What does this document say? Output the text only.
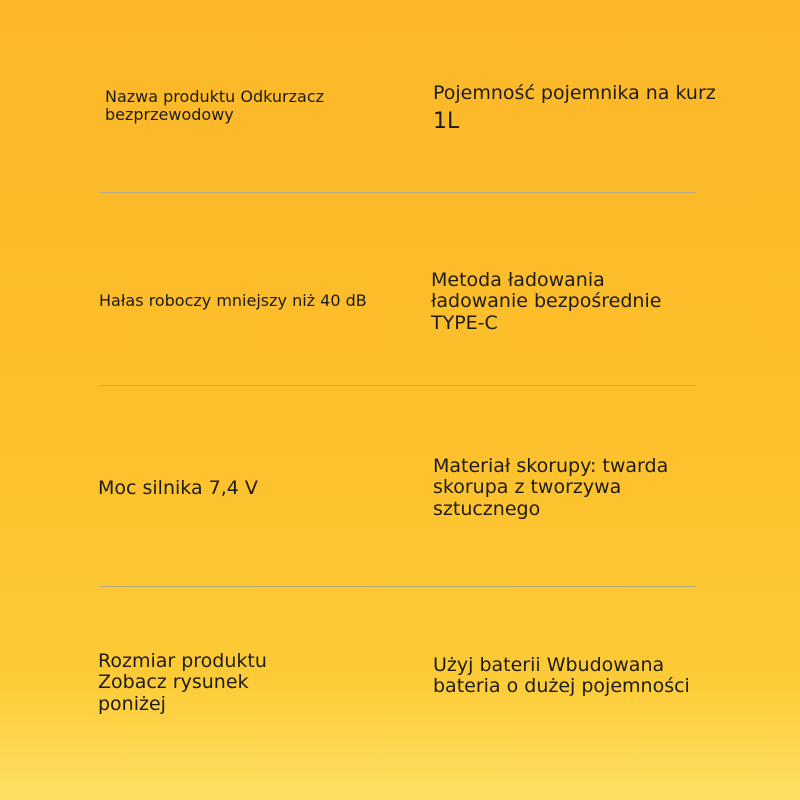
Nazwa produktu Odkurzacz bezprzewodowy
Pojemność pojemnika na kurz
1L
Hałas roboczy mniejszy niż 40 dB
Metoda ładowania ładowanie bezpośrednie TYPE-C
Moc silnika 7,4 V
Materiał skorupy: twarda skorupa z tworzywa sztucznego
Rozmiar produktu Zobacz rysunek poniżej
Użyj baterii Wbudowana bateria o dużej pojemności
